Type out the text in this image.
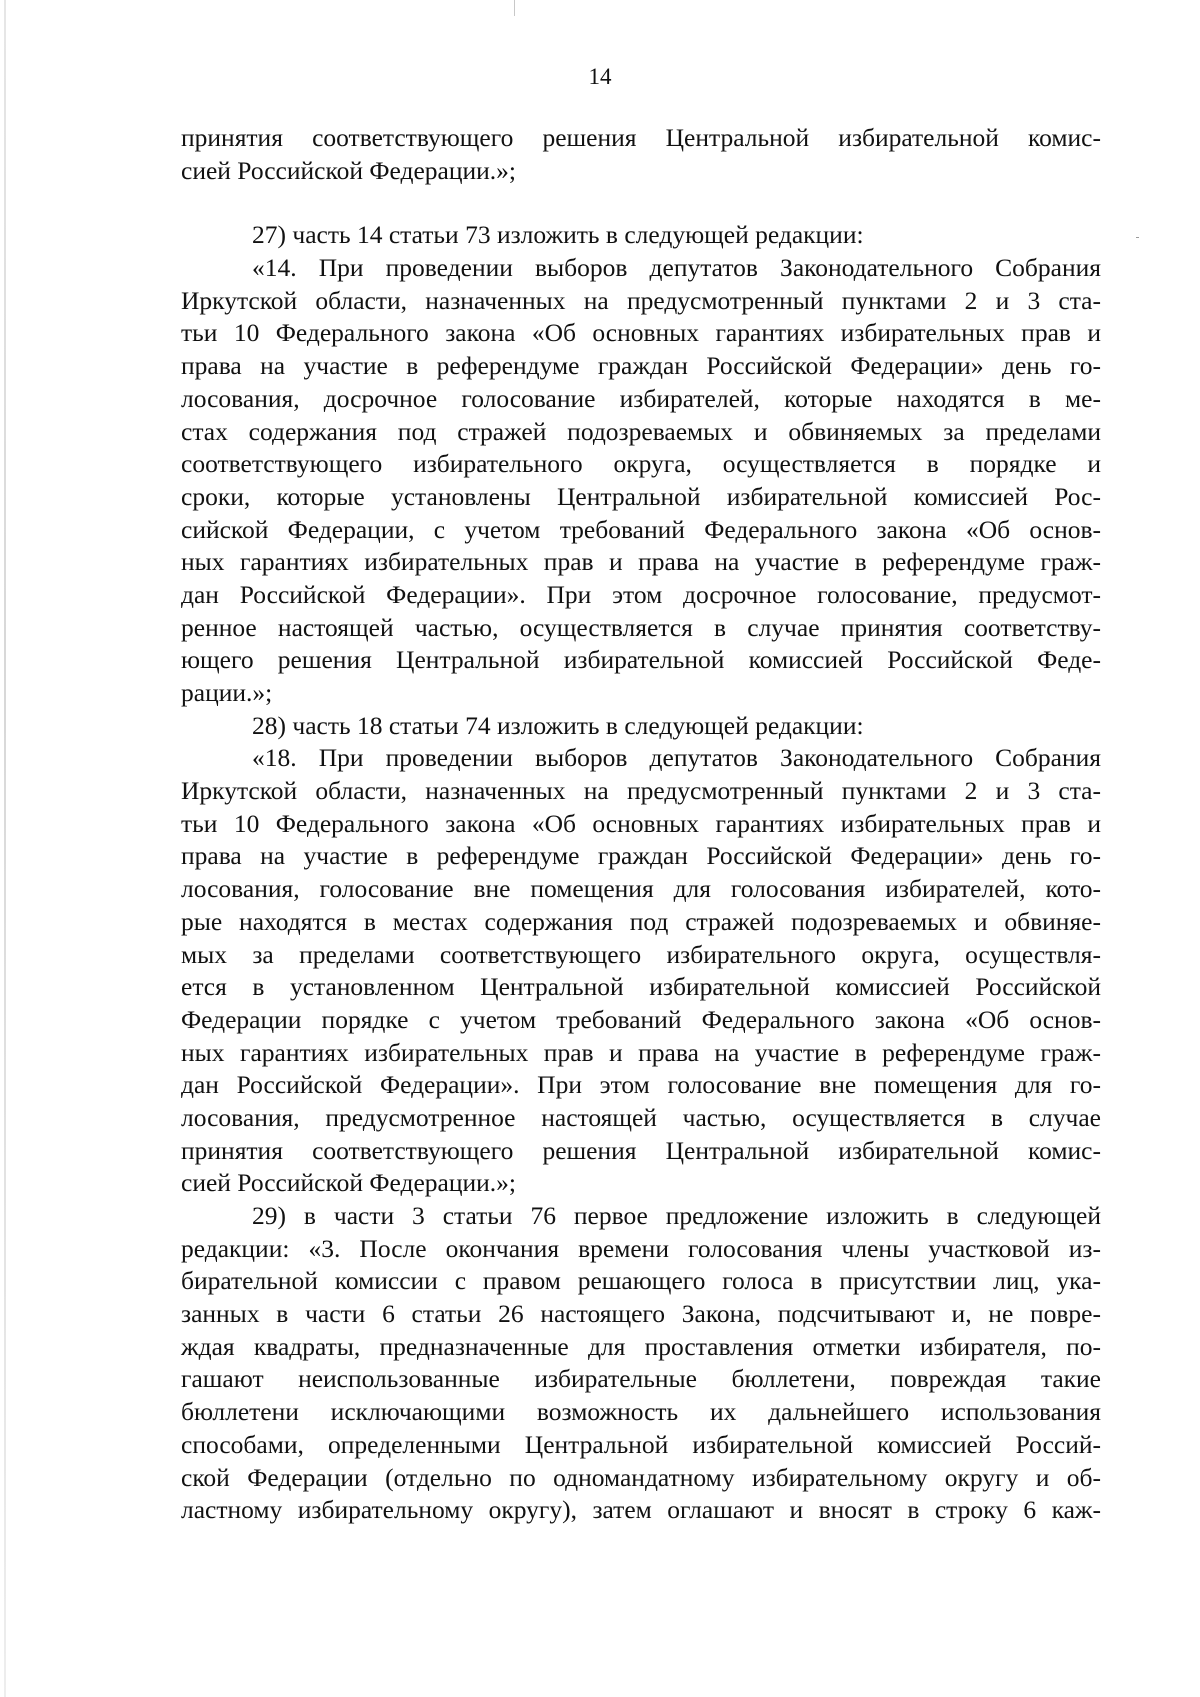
14
принятия соответствующего решения Центральной избирательной комис-
сией Российской Федерации.»;
27) часть 14 статьи 73 изложить в следующей редакции:
«14. При проведении выборов депутатов Законодательного Собрания
Иркутской области, назначенных на предусмотренный пунктами 2 и 3 ста-
тьи 10 Федерального закона «Об основных гарантиях избирательных прав и
права на участие в референдуме граждан Российской Федерации» день го-
лосования, досрочное голосование избирателей, которые находятся в ме-
стах содержания под стражей подозреваемых и обвиняемых за пределами
соответствующего избирательного округа, осуществляется в порядке и
сроки, которые установлены Центральной избирательной комиссией Рос-
сийской Федерации, с учетом требований Федерального закона «Об основ-
ных гарантиях избирательных прав и права на участие в референдуме граж-
дан Российской Федерации». При этом досрочное голосование, предусмот-
ренное настоящей частью, осуществляется в случае принятия соответству-
ющего решения Центральной избирательной комиссией Российской Феде-
рации.»;
28) часть 18 статьи 74 изложить в следующей редакции:
«18. При проведении выборов депутатов Законодательного Собрания
Иркутской области, назначенных на предусмотренный пунктами 2 и 3 ста-
тьи 10 Федерального закона «Об основных гарантиях избирательных прав и
права на участие в референдуме граждан Российской Федерации» день го-
лосования, голосование вне помещения для голосования избирателей, кото-
рые находятся в местах содержания под стражей подозреваемых и обвиняе-
мых за пределами соответствующего избирательного округа, осуществля-
ется в установленном Центральной избирательной комиссией Российской
Федерации порядке с учетом требований Федерального закона «Об основ-
ных гарантиях избирательных прав и права на участие в референдуме граж-
дан Российской Федерации». При этом голосование вне помещения для го-
лосования, предусмотренное настоящей частью, осуществляется в случае
принятия соответствующего решения Центральной избирательной комис-
сией Российской Федерации.»;
29) в части 3 статьи 76 первое предложение изложить в следующей
редакции: «3. После окончания времени голосования члены участковой из-
бирательной комиссии с правом решающего голоса в присутствии лиц, ука-
занных в части 6 статьи 26 настоящего Закона, подсчитывают и, не повре-
ждая квадраты, предназначенные для проставления отметки избирателя, по-
гашают неиспользованные избирательные бюллетени, повреждая такие
бюллетени исключающими возможность их дальнейшего использования
способами, определенными Центральной избирательной комиссией Россий-
ской Федерации (отдельно по одномандатному избирательному округу и об-
ластному избирательному округу), затем оглашают и вносят в строку 6 каж-
